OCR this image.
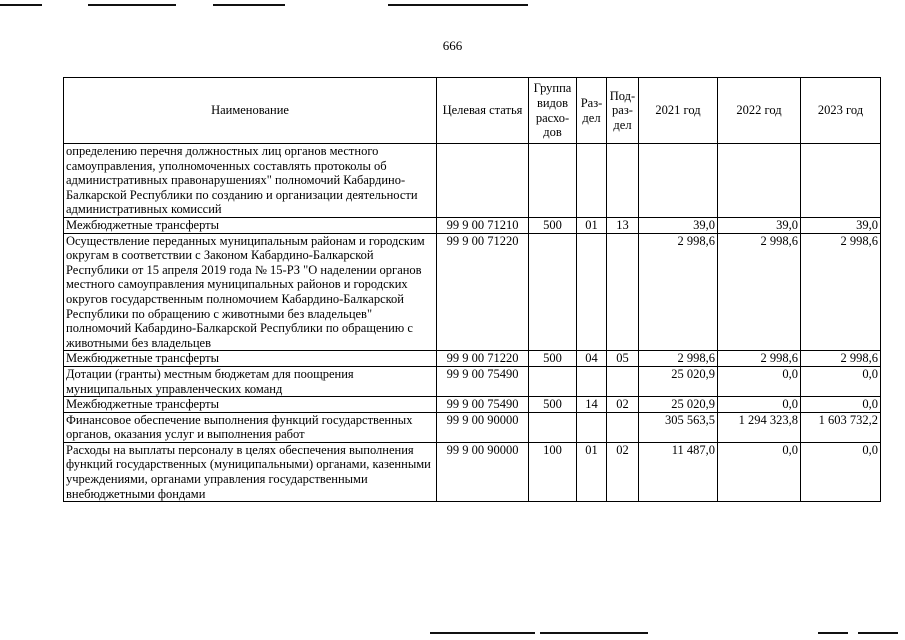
666
Наименование	Целевая статья	Группа видов расхо-дов	Раз-дел	Под-раз-дел	2021 год	2022 год	2023 год
определению перечня должностных лиц органов местного самоуправления, уполномоченных составлять протоколы об административных правонарушениях" полномочий Кабардино-Балкарской Республики по созданию и организации деятельности административных комиссий							
Межбюджетные трансферты	99 9 00 71210	500	01	13	39,0	39,0	39,0
Осуществление переданных муниципальным районам и городским округам в соответствии с Законом Кабардино-Балкарской Республики от 15 апреля 2019 года № 15-РЗ "О наделении органов местного самоуправления муниципальных районов и городских округов государственным полномочием Кабардино-Балкарской Республики по обращению с животными без владельцев" полномочий Кабардино-Балкарской Республики по обращению с животными без владельцев	99 9 00 71220				2 998,6	2 998,6	2 998,6
Межбюджетные трансферты	99 9 00 71220	500	04	05	2 998,6	2 998,6	2 998,6
Дотации (гранты) местным бюджетам для поощрения муниципальных управленческих команд	99 9 00 75490				25 020,9	0,0	0,0
Межбюджетные трансферты	99 9 00 75490	500	14	02	25 020,9	0,0	0,0
Финансовое обеспечение выполнения функций государственных органов, оказания услуг и выполнения работ	99 9 00 90000				305 563,5	1 294 323,8	1 603 732,2
Расходы на выплаты персоналу в целях обеспечения выполнения функций государственных (муниципальными) органами, казенными учреждениями, органами управления государственными внебюджетными фондами	99 9 00 90000	100	01	02	11 487,0	0,0	0,0
